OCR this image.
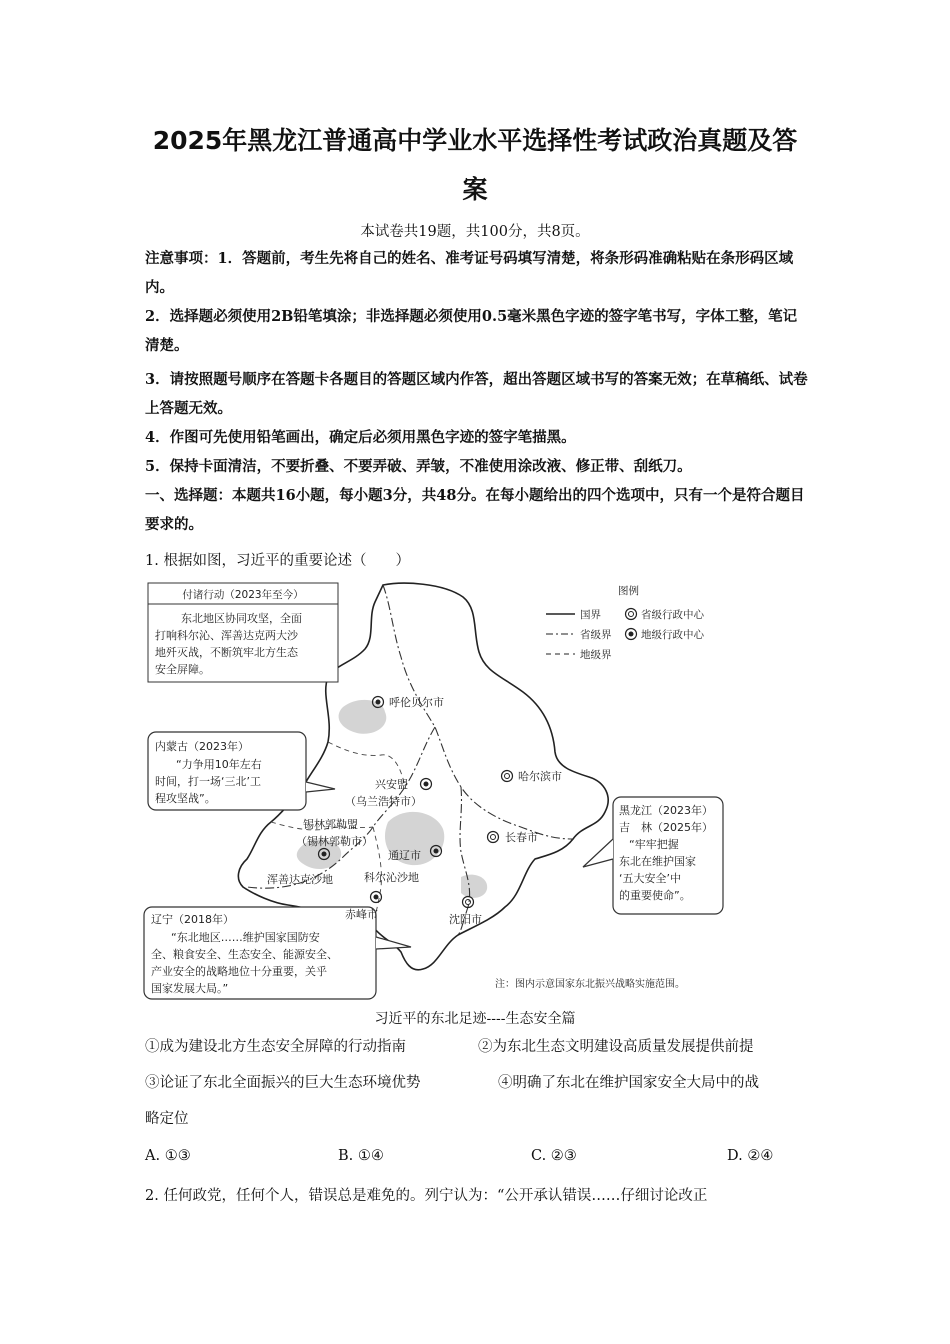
2025年黑龙江普通高中学业水平选择性考试政治真题及答
案
本试卷共19题，共100分，共8页。
注意事项：1．答题前，考生先将自己的姓名、准考证号码填写清楚，将条形码准确粘贴在条形码区域内。
2．选择题必须使用2B铅笔填涂；非选择题必须使用0.5毫米黑色字迹的签字笔书写，字体工整，笔记清楚。
3．请按照题号顺序在答题卡各题目的答题区域内作答，超出答题区域书写的答案无效；在草稿纸、试卷上答题无效。
4．作图可先使用铅笔画出，确定后必须用黑色字迹的签字笔描黑。
5．保持卡面清洁，不要折叠、不要弄破、弄皱，不准使用涂改液、修正带、刮纸刀。
一、选择题：本题共16小题，每小题3分，共48分。在每小题给出的四个选项中，只有一个是符合题目要求的。
1. 根据如图，习近平的重要论述（　　）
图例
国界
省级界
地级界
省级行政中心
地级行政中心
付诸行动（2023年至今）
东北地区协同攻坚，全面
打响科尔沁、浑善达克两大沙
地歼灭战，不断筑牢北方生态
安全屏障。
内蒙古（2023年）
“力争用10年左右
时间，打一场‘三北’工
程攻坚战”。
黑龙江（2023年）
吉　林（2025年）
“牢牢把握
东北在维护国家
‘五大安全’中
的重要使命”。
辽宁（2018年）
“东北地区……维护国家国防安
全、粮食安全、生态安全、能源安全、
产业安全的战略地位十分重要，关乎
国家发展大局。”
呼伦贝尔市
哈尔滨市
兴安盟
（乌兰浩特市）
锡林郭勒盟
（锡林郭勒市）	长春市
通辽市
沈阳市
赤峰市
浑善达克沙地	科尔沁沙地
注：图内示意国家东北振兴战略实施范围。
习近平的东北足迹----生态安全篇
①成为建设北方生态安全屏障的行动指南	②为东北生态文明建设高质量发展提供前提
③论证了东北全面振兴的巨大生态环境优势	④明确了东北在维护国家安全大局中的战
略定位
A. ①③	B. ①④	C. ②③	D. ②④
2. 任何政党，任何个人，错误总是难免的。列宁认为：“公开承认错误……仔细讨论改正
